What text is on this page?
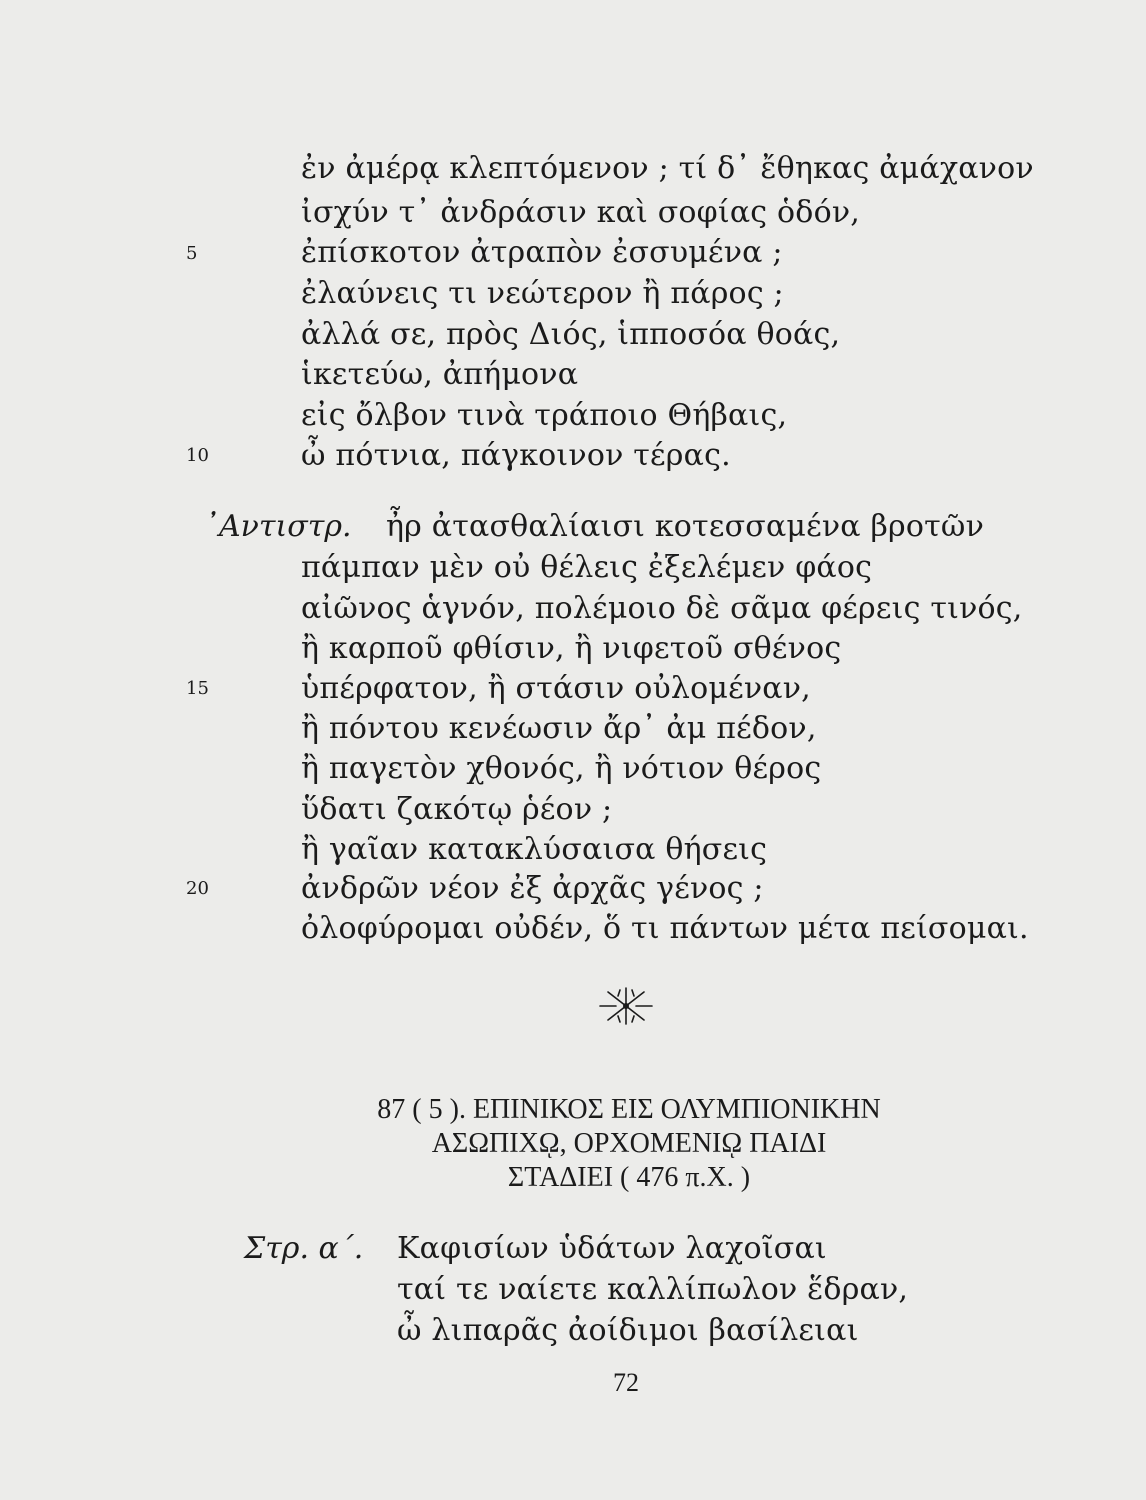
ἐν ἀμέρᾳ κλεπτόμενον ; τί δ᾽ ἔθηκας ἀμάχανον
ἰσχύν τ᾽ ἀνδράσιν καὶ σοφίας ὁδόν,
5	ἐπίσκοτον ἀτραπὸν ἐσσυμένα ;
ἐλαύνεις τι νεώτερον ἢ πάρος ;
ἀλλά σε, πρὸς Διός, ἱπποσόα θοάς,
ἱκετεύω, ἀπήμονα
εἰς ὄλβον τινὰ τράποιο Θήβαις,
10	ὦ πότνια, πάγκοινον τέρας.
᾿Αντιστρ. ἦρ ἀτασθαλίαισι κοτεσσαμένα βροτῶν
πάμπαν μὲν οὐ θέλεις ἐξελέμεν φάος
αἰῶνος ἁγνόν, πολέμοιο δὲ σᾶμα φέρεις τινός,
ἢ καρποῦ φθίσιν, ἢ νιφετοῦ σθένος
15	ὑπέρφατον, ἢ στάσιν οὐλομέναν,
ἢ πόντου κενέωσιν ἄρ᾽ ἀμ πέδον,
ἢ παγετὸν χθονός, ἢ νότιον θέρος
ὕδατι ζακότῳ ῥέον ;
ἢ γαῖαν κατακλύσαισα θήσεις
20	ἀνδρῶν νέον ἐξ ἀρχᾶς γένος ;
ὀλοφύρομαι οὐδέν, ὅ τι πάντων μέτα πείσομαι.
87 ( 5 ). ΕΠΙΝΙΚΟΣ ΕΙΣ ΟΛΥΜΠΙΟΝΙΚΗΝ
ΑΣΩΠΙΧῼ, ΟΡΧΟΜΕΝΙῼ ΠΑΙΔΙ
ΣΤΑΔΙΕΙ ( 476 π.Χ. )
Στρ. α΄. Καφισίων ὑδάτων λαχοῖσαι
ταί τε ναίετε καλλίπωλον ἕδραν,
ὦ λιπαρᾶς ἀοίδιμοι βασίλειαι
72
